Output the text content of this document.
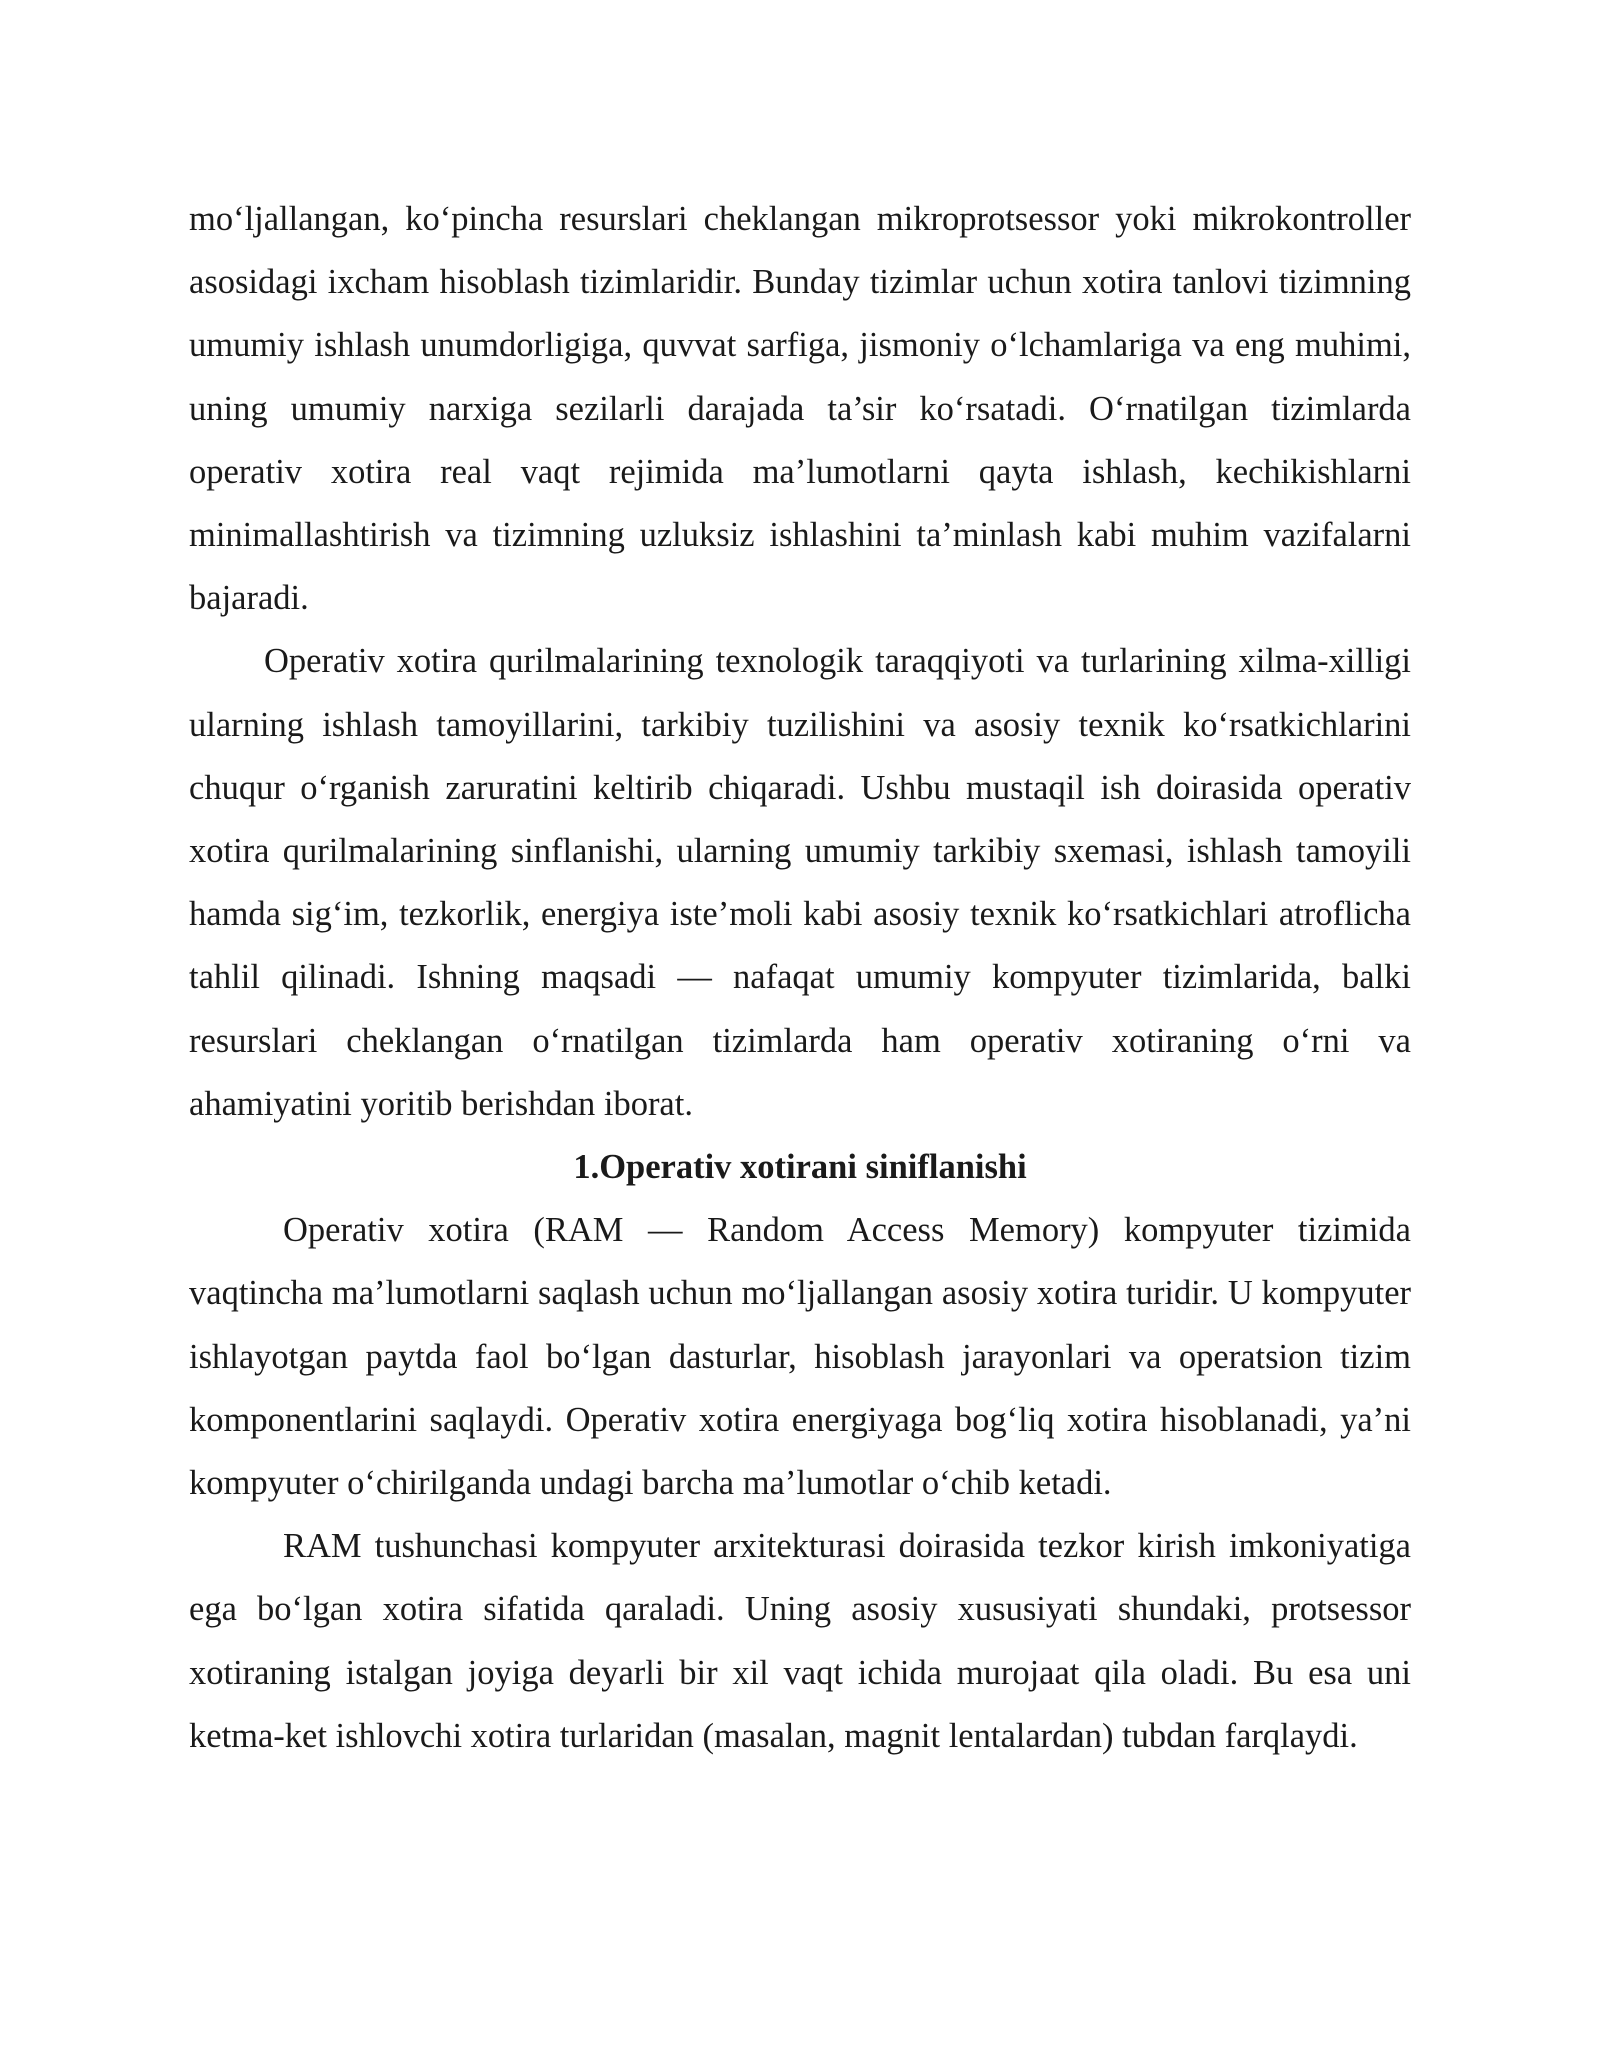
mo‘ljallangan, ko‘pincha resurslari cheklangan mikroprotsessor yoki mikrokontroller asosidagi ixcham hisoblash tizimlaridir. Bunday tizimlar uchun xotira tanlovi tizimning umumiy ishlash unumdorligiga, quvvat sarfiga, jismoniy o‘lchamlariga va eng muhimi, uning umumiy narxiga sezilarli darajada ta’sir ko‘rsatadi. O‘rnatilgan tizimlarda operativ xotira real vaqt rejimida ma’lumotlarni qayta ishlash, kechikishlarni minimallashtirish va tizimning uzluksiz ishlashini ta’minlash kabi muhim vazifalarni bajaradi.

Operativ xotira qurilmalarining texnologik taraqqiyoti va turlarining xilma-xilligi ularning ishlash tamoyillarini, tarkibiy tuzilishini va asosiy texnik ko‘rsatkichlarini chuqur o‘rganish zaruratini keltirib chiqaradi. Ushbu mustaqil ish doirasida operativ xotira qurilmalarining sinflanishi, ularning umumiy tarkibiy sxemasi, ishlash tamoyili hamda sig‘im, tezkorlik, energiya iste’moli kabi asosiy texnik ko‘rsatkichlari atroflicha tahlil qilinadi. Ishning maqsadi — nafaqat umumiy kompyuter tizimlarida, balki resurslari cheklangan o‘rnatilgan tizimlarda ham operativ xotiraning o‘rni va ahamiyatini yoritib berishdan iborat.

1.Operativ xotirani siniflanishi

Operativ xotira (RAM — Random Access Memory) kompyuter tizimida vaqtincha ma’lumotlarni saqlash uchun mo‘ljallangan asosiy xotira turidir. U kompyuter ishlayotgan paytda faol bo‘lgan dasturlar, hisoblash jarayonlari va operatsion tizim komponentlarini saqlaydi. Operativ xotira energiyaga bog‘liq xotira hisoblanadi, ya’ni kompyuter o‘chirilganda undagi barcha ma’lumotlar o‘chib ketadi.

RAM tushunchasi kompyuter arxitekturasi doirasida tezkor kirish imkoniyatiga ega bo‘lgan xotira sifatida qaraladi. Uning asosiy xususiyati shundaki, protsessor xotiraning istalgan joyiga deyarli bir xil vaqt ichida murojaat qila oladi. Bu esa uni ketma-ket ishlovchi xotira turlaridan (masalan, magnit lentalardan) tubdan farqlaydi.
